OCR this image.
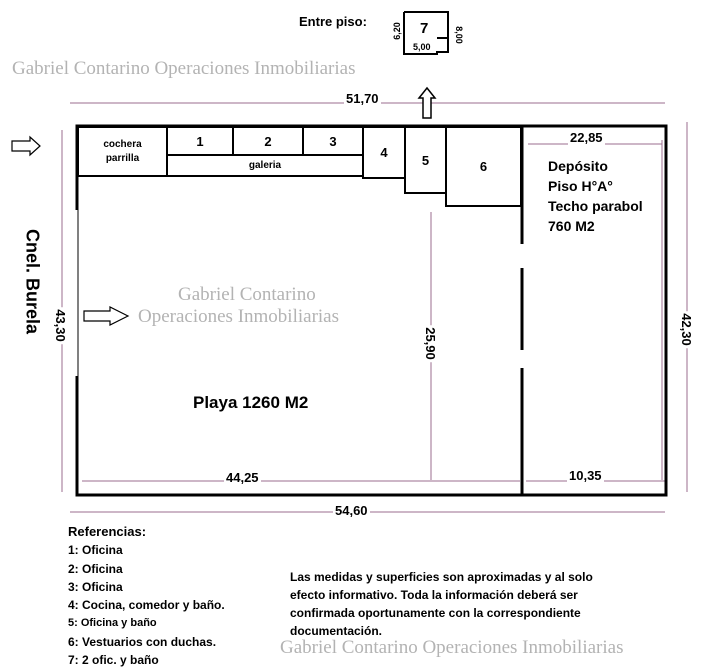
Gabriel Contarino Operaciones Inmobiliarias
Gabriel Contarino
Operaciones Inmobiliarias
Gabriel Contarino Operaciones Inmobiliarias
Entre piso:	7
6,20
5,00
8,00
51,70
54,60
44,25	10,35
22,85
43,30	42,30
25,90
Cnel. Burela
cochera
parrilla
1	2	3
galeria
4	5	6
Playa 1260 M2
Depósito
Piso H°A°
Techo parabol
760 M2
Referencias:
1: Oficina
2: Oficina
3: Oficina
4: Cocina, comedor y baño.
5: Oficina y baño
6: Vestuarios con duchas.
7: 2 ofic. y baño
Las medidas y superficies son aproximadas y al solo
efecto informativo. Toda la información deberá ser
confirmada oportunamente con la correspondiente
documentación.
